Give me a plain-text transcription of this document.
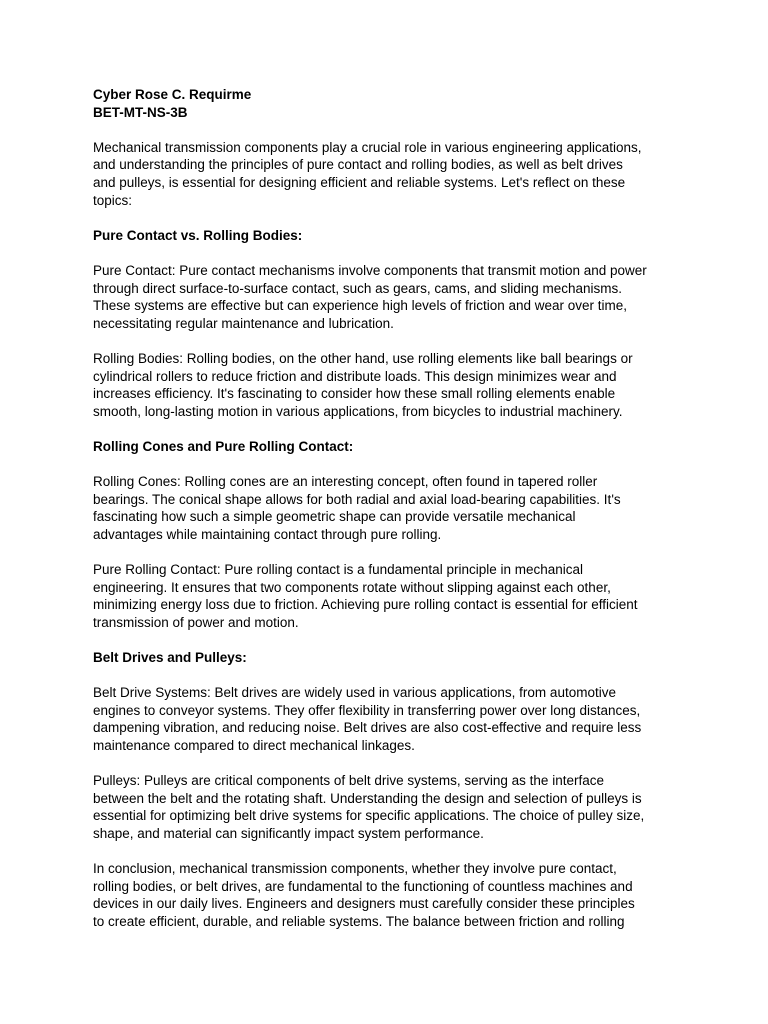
Cyber Rose C. Requirme
BET-MT-NS-3B
Mechanical transmission components play a crucial role in various engineering applications,
and understanding the principles of pure contact and rolling bodies, as well as belt drives
and pulleys, is essential for designing efficient and reliable systems. Let's reflect on these
topics:
Pure Contact vs. Rolling Bodies:
Pure Contact: Pure contact mechanisms involve components that transmit motion and power
through direct surface-to-surface contact, such as gears, cams, and sliding mechanisms.
These systems are effective but can experience high levels of friction and wear over time,
necessitating regular maintenance and lubrication.
Rolling Bodies: Rolling bodies, on the other hand, use rolling elements like ball bearings or
cylindrical rollers to reduce friction and distribute loads. This design minimizes wear and
increases efficiency. It's fascinating to consider how these small rolling elements enable
smooth, long-lasting motion in various applications, from bicycles to industrial machinery.
Rolling Cones and Pure Rolling Contact:
Rolling Cones: Rolling cones are an interesting concept, often found in tapered roller
bearings. The conical shape allows for both radial and axial load-bearing capabilities. It's
fascinating how such a simple geometric shape can provide versatile mechanical
advantages while maintaining contact through pure rolling.
Pure Rolling Contact: Pure rolling contact is a fundamental principle in mechanical
engineering. It ensures that two components rotate without slipping against each other,
minimizing energy loss due to friction. Achieving pure rolling contact is essential for efficient
transmission of power and motion.
Belt Drives and Pulleys:
Belt Drive Systems: Belt drives are widely used in various applications, from automotive
engines to conveyor systems. They offer flexibility in transferring power over long distances,
dampening vibration, and reducing noise. Belt drives are also cost-effective and require less
maintenance compared to direct mechanical linkages.
Pulleys: Pulleys are critical components of belt drive systems, serving as the interface
between the belt and the rotating shaft. Understanding the design and selection of pulleys is
essential for optimizing belt drive systems for specific applications. The choice of pulley size,
shape, and material can significantly impact system performance.
In conclusion, mechanical transmission components, whether they involve pure contact,
rolling bodies, or belt drives, are fundamental to the functioning of countless machines and
devices in our daily lives. Engineers and designers must carefully consider these principles
to create efficient, durable, and reliable systems. The balance between friction and rolling
